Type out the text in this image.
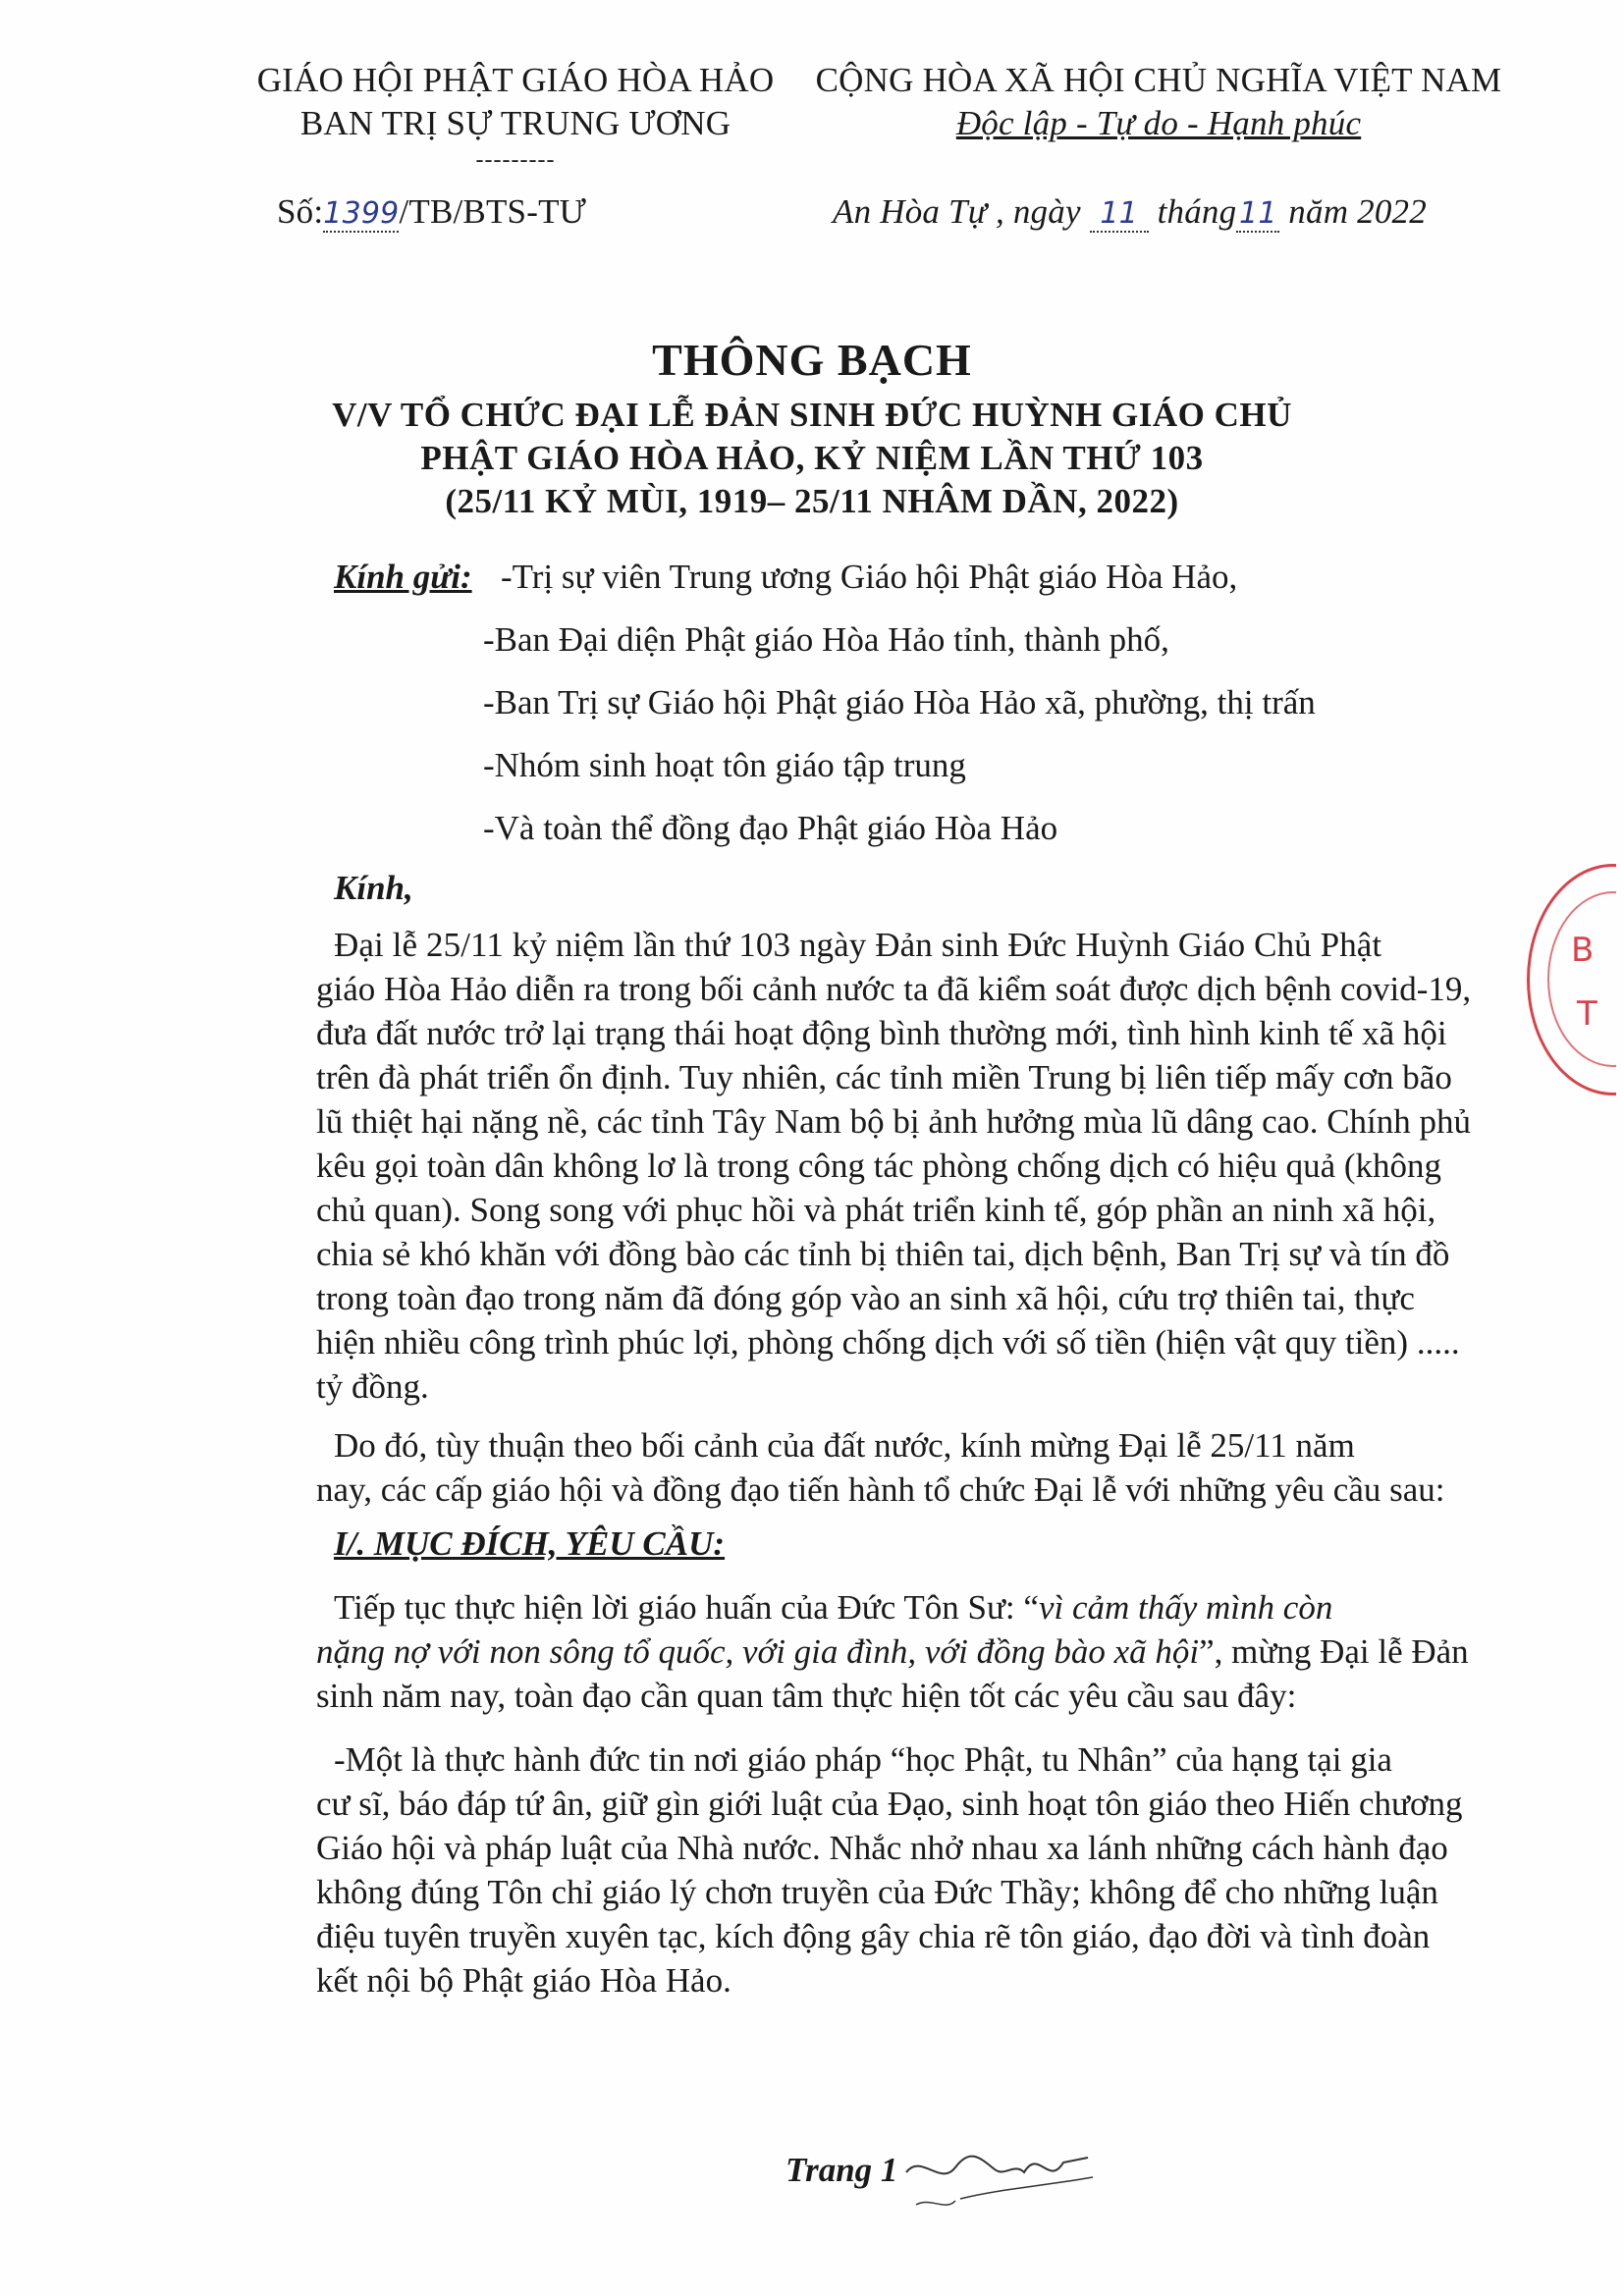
GIÁO HỘI PHẬT GIÁO HÒA HẢO
BAN TRỊ SỰ TRUNG ƯƠNG
---------
Số:1399/TB/BTS-TƯ
CỘNG HÒA XÃ HỘI CHỦ NGHĨA VIỆT NAM
Độc lập - Tự do - Hạnh phúc
An Hòa Tự , ngày 11 tháng11 năm 2022
THÔNG BẠCH
V/V TỔ CHỨC ĐẠI LỄ ĐẢN SINH ĐỨC HUỲNH GIÁO CHỦ
PHẬT GIÁO HÒA HẢO, KỶ NIỆM LẦN THỨ 103
(25/11 KỶ MÙI, 1919– 25/11 NHÂM DẦN, 2022)
Kính gửi: -Trị sự viên Trung ương Giáo hội Phật giáo Hòa Hảo,
-Ban Đại diện Phật giáo Hòa Hảo tỉnh, thành phố,
-Ban Trị sự Giáo hội Phật giáo Hòa Hảo xã, phường, thị trấn
-Nhóm sinh hoạt tôn giáo tập trung
-Và toàn thể đồng đạo Phật giáo Hòa Hảo
Kính,
Đại lễ 25/11 kỷ niệm lần thứ 103 ngày Đản sinh Đức Huỳnh Giáo Chủ Phật
giáo Hòa Hảo diễn ra trong bối cảnh nước ta đã kiểm soát được dịch bệnh covid-19,
đưa đất nước trở lại trạng thái hoạt động bình thường mới, tình hình kinh tế xã hội
trên đà phát triển ổn định. Tuy nhiên, các tỉnh miền Trung bị liên tiếp mấy cơn bão
lũ thiệt hại nặng nề, các tỉnh Tây Nam bộ bị ảnh hưởng mùa lũ dâng cao. Chính phủ
kêu gọi toàn dân không lơ là trong công tác phòng chống dịch có hiệu quả (không
chủ quan). Song song với phục hồi và phát triển kinh tế, góp phần an ninh xã hội,
chia sẻ khó khăn với đồng bào các tỉnh bị thiên tai, dịch bệnh, Ban Trị sự và tín đồ
trong toàn đạo trong năm đã đóng góp vào an sinh xã hội, cứu trợ thiên tai, thực
hiện nhiều công trình phúc lợi, phòng chống dịch với số tiền (hiện vật quy tiền) .....
tỷ đồng.
Do đó, tùy thuận theo bối cảnh của đất nước, kính mừng Đại lễ 25/11 năm
nay, các cấp giáo hội và đồng đạo tiến hành tổ chức Đại lễ với những yêu cầu sau:
I/. MỤC ĐÍCH, YÊU CẦU:
Tiếp tục thực hiện lời giáo huấn của Đức Tôn Sư: “vì cảm thấy mình còn
nặng nợ với non sông tổ quốc, với gia đình, với đồng bào xã hội”, mừng Đại lễ Đản
sinh năm nay, toàn đạo cần quan tâm thực hiện tốt các yêu cầu sau đây:
-Một là thực hành đức tin nơi giáo pháp “học Phật, tu Nhân” của hạng tại gia
cư sĩ, báo đáp tứ ân, giữ gìn giới luật của Đạo, sinh hoạt tôn giáo theo Hiến chương
Giáo hội và pháp luật của Nhà nước. Nhắc nhở nhau xa lánh những cách hành đạo
không đúng Tôn chỉ giáo lý chơn truyền của Đức Thầy; không để cho những luận
điệu tuyên truyền xuyên tạc, kích động gây chia rẽ tôn giáo, đạo đời và tình đoàn
kết nội bộ Phật giáo Hòa Hảo.
Trang 1
B
T
